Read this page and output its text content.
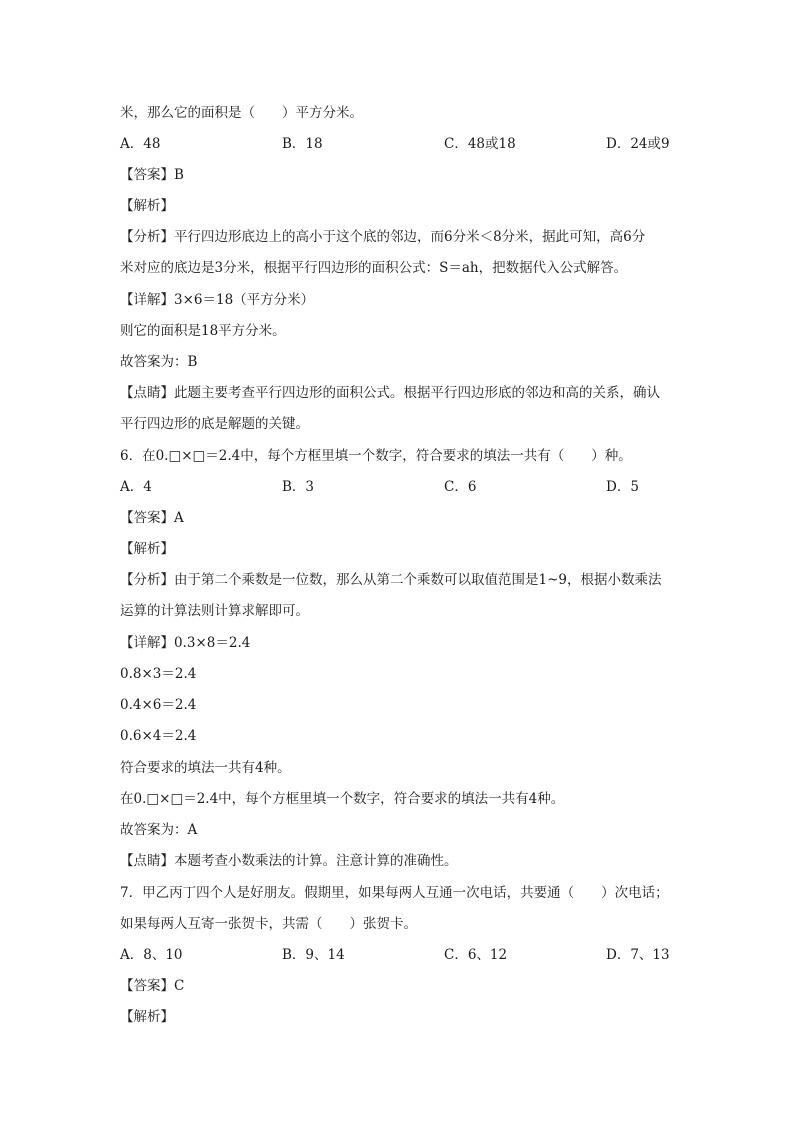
米，那么它的面积是（　　）平方分米。
A．48	B．18	C．48或18	D．24或9
【答案】B
【解析】
【分析】平行四边形底边上的高小于这个底的邻边，而6分米＜8分米，据此可知，高6分
米对应的底边是3分米，根据平行四边形的面积公式：S＝ah，把数据代入公式解答。
【详解】3×6＝18（平方分米）
则它的面积是18平方分米。
故答案为：B
【点睛】此题主要考查平行四边形的面积公式。根据平行四边形底的邻边和高的关系，确认
平行四边形的底是解题的关键。
6．在0.□×□＝2.4中，每个方框里填一个数字，符合要求的填法一共有（　　）种。
A．4	B．3	C．6	D．5
【答案】A
【解析】
【分析】由于第二个乘数是一位数，那么从第二个乘数可以取值范围是1~9，根据小数乘法
运算的计算法则计算求解即可。
【详解】0.3×8＝2.4
0.8×3＝2.4
0.4×6＝2.4
0.6×4＝2.4
符合要求的填法一共有4种。
在0.□×□＝2.4中，每个方框里填一个数字，符合要求的填法一共有4种。
故答案为：A
【点睛】本题考查小数乘法的计算。注意计算的准确性。
7．甲乙丙丁四个人是好朋友。假期里，如果每两人互通一次电话，共要通（　　）次电话；
如果每两人互寄一张贺卡，共需（　　）张贺卡。
A．8、10	B．9、14	C．6、12	D．7、13
【答案】C
【解析】
